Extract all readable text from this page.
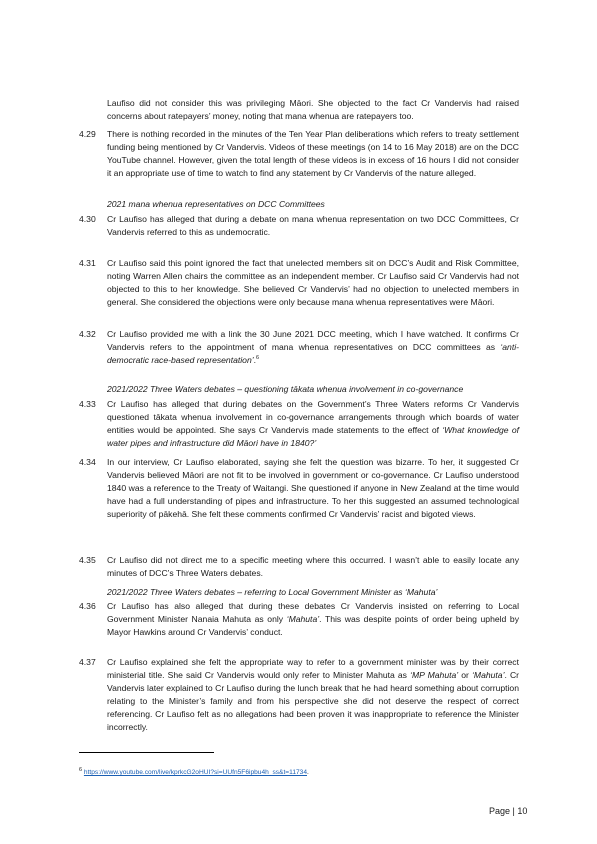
Laufiso did not consider this was privileging Māori. She objected to the fact Cr Vandervis had raised concerns about ratepayers’ money, noting that mana whenua are ratepayers too.
4.29 There is nothing recorded in the minutes of the Ten Year Plan deliberations which refers to treaty settlement funding being mentioned by Cr Vandervis. Videos of these meetings (on 14 to 16 May 2018) are on the DCC YouTube channel. However, given the total length of these videos is in excess of 16 hours I did not consider it an appropriate use of time to watch to find any statement by Cr Vandervis of the nature alleged.
2021 mana whenua representatives on DCC Committees
4.30 Cr Laufiso has alleged that during a debate on mana whenua representation on two DCC Committees, Cr Vandervis referred to this as undemocratic.
4.31 Cr Laufiso said this point ignored the fact that unelected members sit on DCC’s Audit and Risk Committee, noting Warren Allen chairs the committee as an independent member. Cr Laufiso said Cr Vandervis had not objected to this to her knowledge. She believed Cr Vandervis’ had no objection to unelected members in general. She considered the objections were only because mana whenua representatives were Māori.
4.32 Cr Laufiso provided me with a link the 30 June 2021 DCC meeting, which I have watched. It confirms Cr Vandervis refers to the appointment of mana whenua representatives on DCC committees as ‘anti-democratic race-based representation’.$^6$
2021/2022 Three Waters debates – questioning tākata whenua involvement in co-governance
4.33 Cr Laufiso has alleged that during debates on the Government’s Three Waters reforms Cr Vandervis questioned tākata whenua involvement in co-governance arrangements through which boards of water entities would be appointed. She says Cr Vandervis made statements to the effect of ‘What knowledge of water pipes and infrastructure did Māori have in 1840?’
4.34 In our interview, Cr Laufiso elaborated, saying she felt the question was bizarre. To her, it suggested Cr Vandervis believed Māori are not fit to be involved in government or co-governance. Cr Laufiso understood 1840 was a reference to the Treaty of Waitangi. She questioned if anyone in New Zealand at the time would have had a full understanding of pipes and infrastructure. To her this suggested an assumed technological superiority of pākehā. She felt these comments confirmed Cr Vandervis’ racist and bigoted views.
4.35 Cr Laufiso did not direct me to a specific meeting where this occurred. I wasn’t able to easily locate any minutes of DCC’s Three Waters debates.
2021/2022 Three Waters debates – referring to Local Government Minister as ‘Mahuta’
4.36 Cr Laufiso has also alleged that during these debates Cr Vandervis insisted on referring to Local Government Minister Nanaia Mahuta as only ‘Mahuta’. This was despite points of order being upheld by Mayor Hawkins around Cr Vandervis’ conduct.
4.37 Cr Laufiso explained she felt the appropriate way to refer to a government minister was by their correct ministerial title. She said Cr Vandervis would only refer to Minister Mahuta as ‘MP Mahuta’ or ‘Mahuta’. Cr Vandervis later explained to Cr Laufiso during the lunch break that he had heard something about corruption relating to the Minister’s family and from his perspective she did not deserve the respect of correct referencing. Cr Laufiso felt as no allegations had been proven it was inappropriate to reference the Minister incorrectly.
$^6$ https://www.youtube.com/live/kprkcG2oHUI?si=UUfn5F6ipbu4h_ss&t=11734.
Page | 10
